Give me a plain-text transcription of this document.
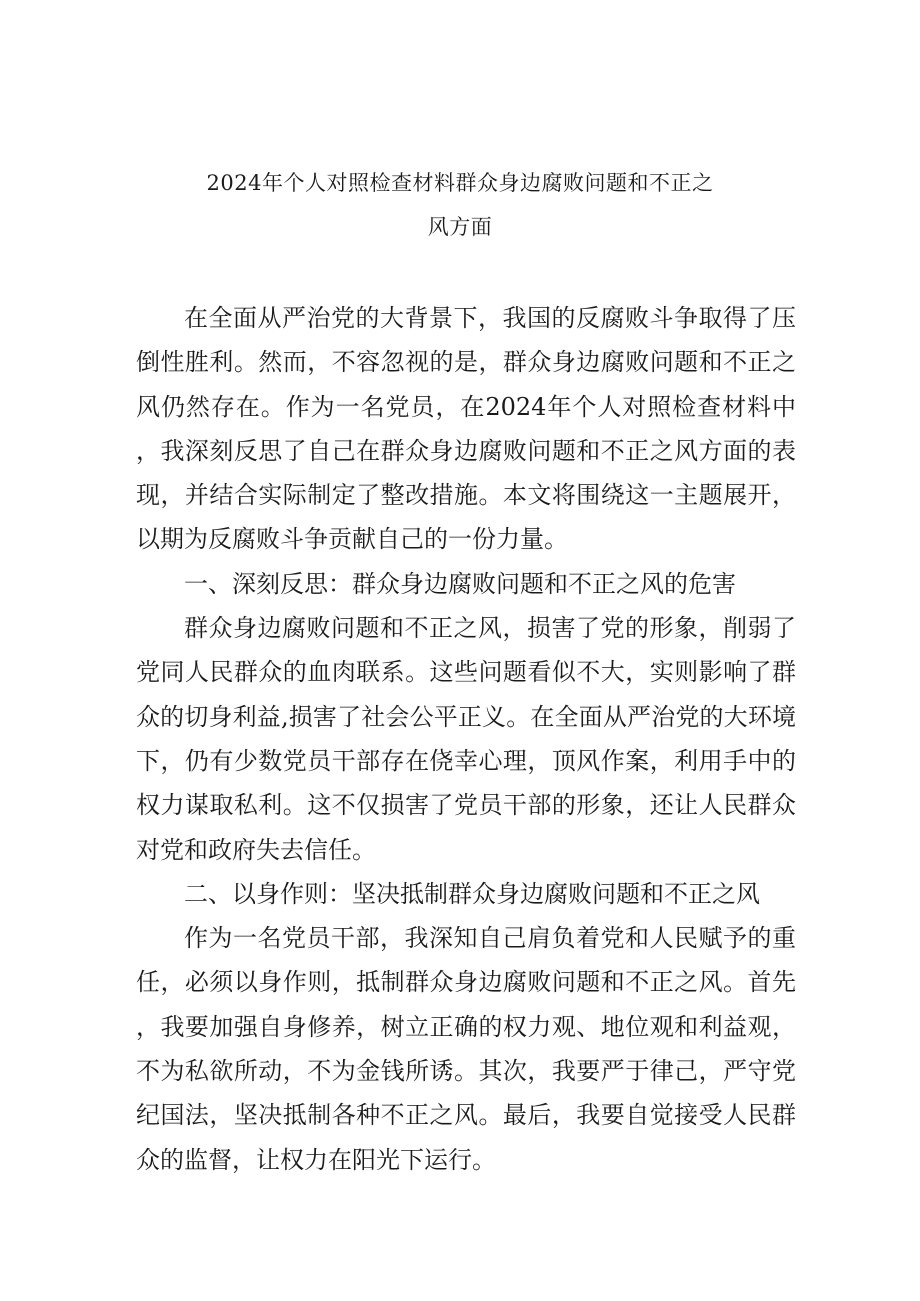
2024年个人对照检查材料群众身边腐败问题和不正之
风方面

在全面从严治党的大背景下，我国的反腐败斗争取得了压倒性胜利。然而，不容忽视的是，群众身边腐败问题和不正之风仍然存在。作为一名党员，在2024年个人对照检查材料中，我深刻反思了自己在群众身边腐败问题和不正之风方面的表现，并结合实际制定了整改措施。本文将围绕这一主题展开，以期为反腐败斗争贡献自己的一份力量。

一、深刻反思：群众身边腐败问题和不正之风的危害

群众身边腐败问题和不正之风，损害了党的形象，削弱了党同人民群众的血肉联系。这些问题看似不大，实则影响了群众的切身利益,损害了社会公平正义。在全面从严治党的大环境下，仍有少数党员干部存在侥幸心理，顶风作案，利用手中的权力谋取私利。这不仅损害了党员干部的形象，还让人民群众对党和政府失去信任。

二、以身作则：坚决抵制群众身边腐败问题和不正之风

作为一名党员干部，我深知自己肩负着党和人民赋予的重任，必须以身作则，抵制群众身边腐败问题和不正之风。首先，我要加强自身修养，树立正确的权力观、地位观和利益观，不为私欲所动，不为金钱所诱。其次，我要严于律己，严守党纪国法，坚决抵制各种不正之风。最后，我要自觉接受人民群众的监督，让权力在阳光下运行。
